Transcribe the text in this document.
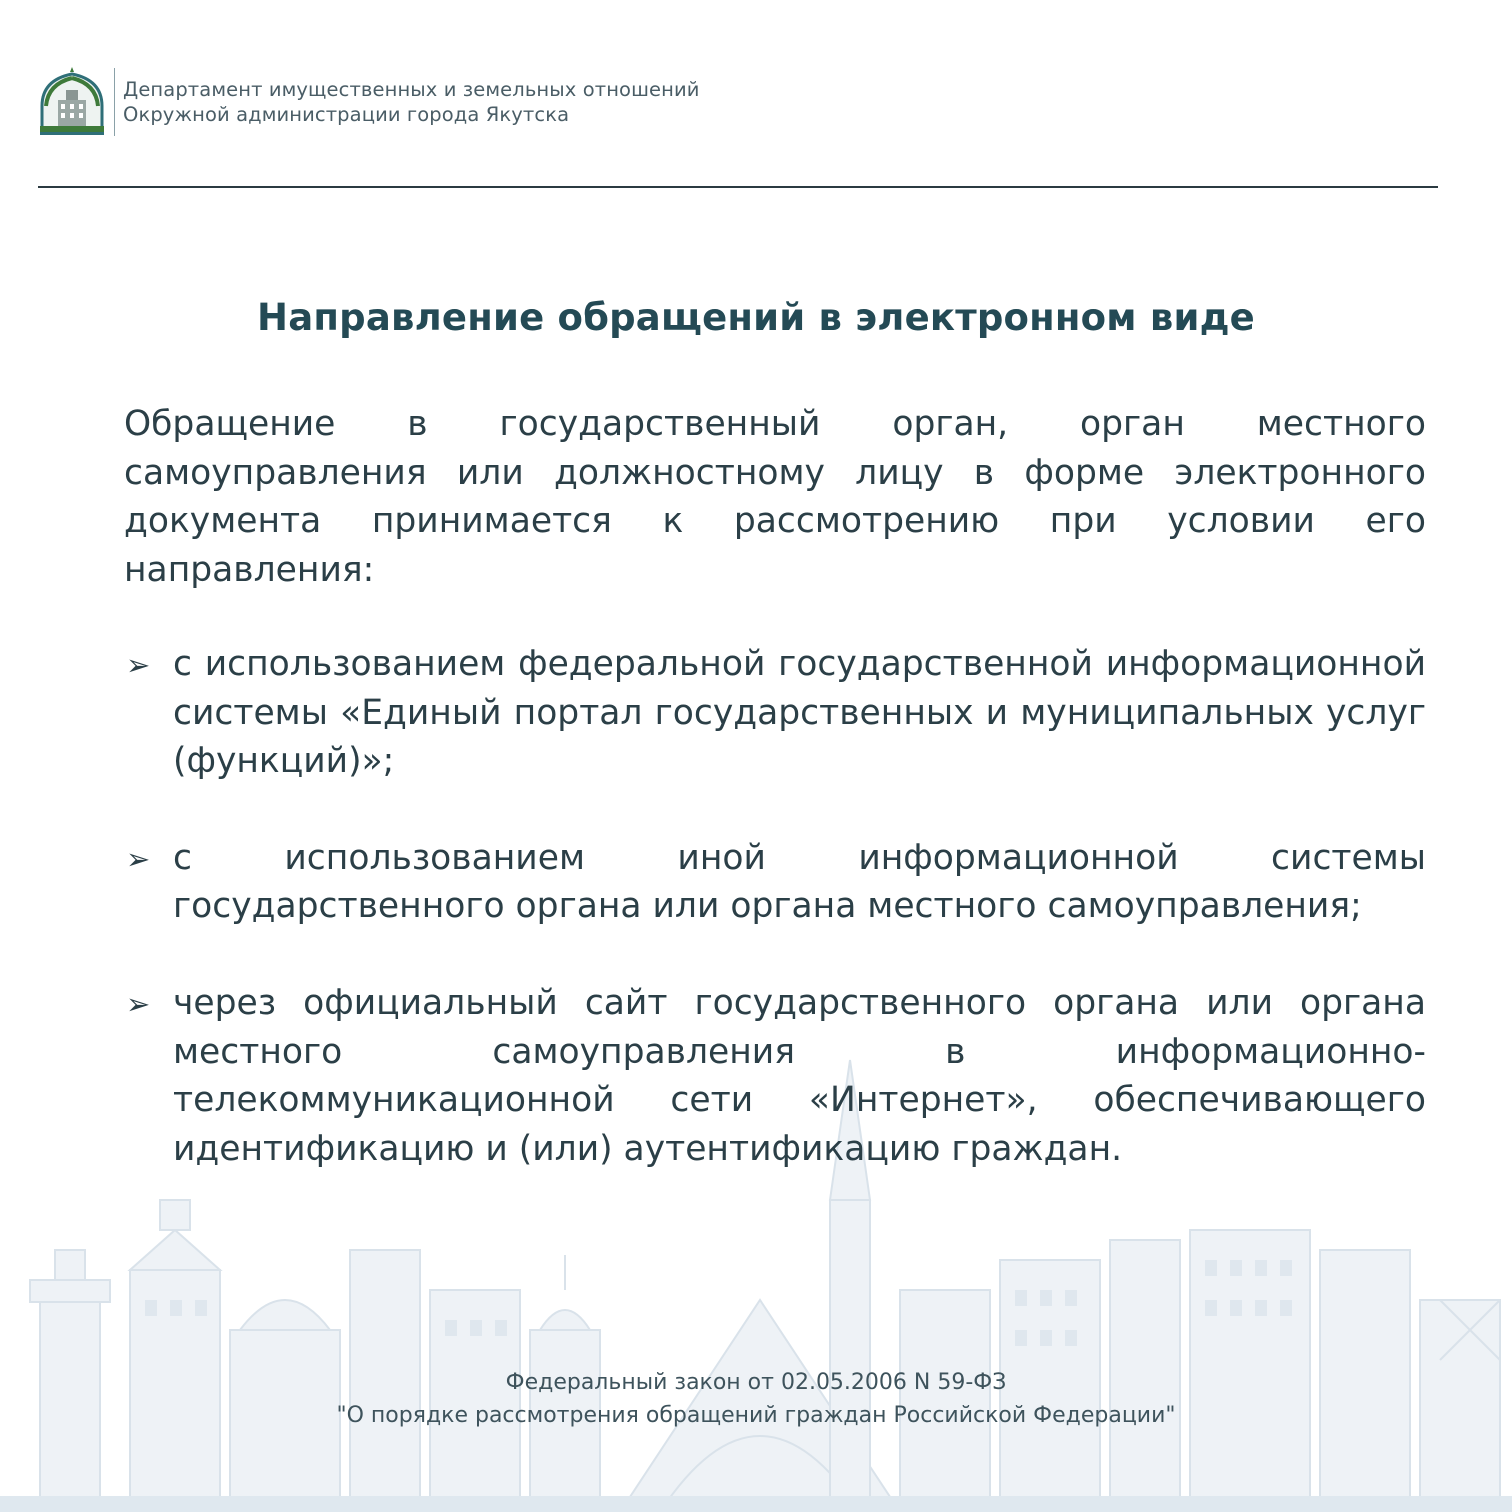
Департамент имущественных и земельных отношений
Окружной администрации города Якутска
Направление обращений в электронном виде

Обращение в государственный орган, орган местного самоуправления или должностному лицу в форме электронного документа принимается к рассмотрению при условии его направления:

➢ с использованием федеральной государственной информационной системы «Единый портал государственных и муниципальных услуг (функций)»;
➢ с использованием иной информационной системы государственного органа или органа местного самоуправления;
➢ через официальный сайт государственного органа или органа местного самоуправления в информационно-телекоммуникационной сети «Интернет», обеспечивающего идентификацию и (или) аутентификацию граждан.
Федеральный закон от 02.05.2006 N 59-ФЗ
"О порядке рассмотрения обращений граждан Российской Федерации"
